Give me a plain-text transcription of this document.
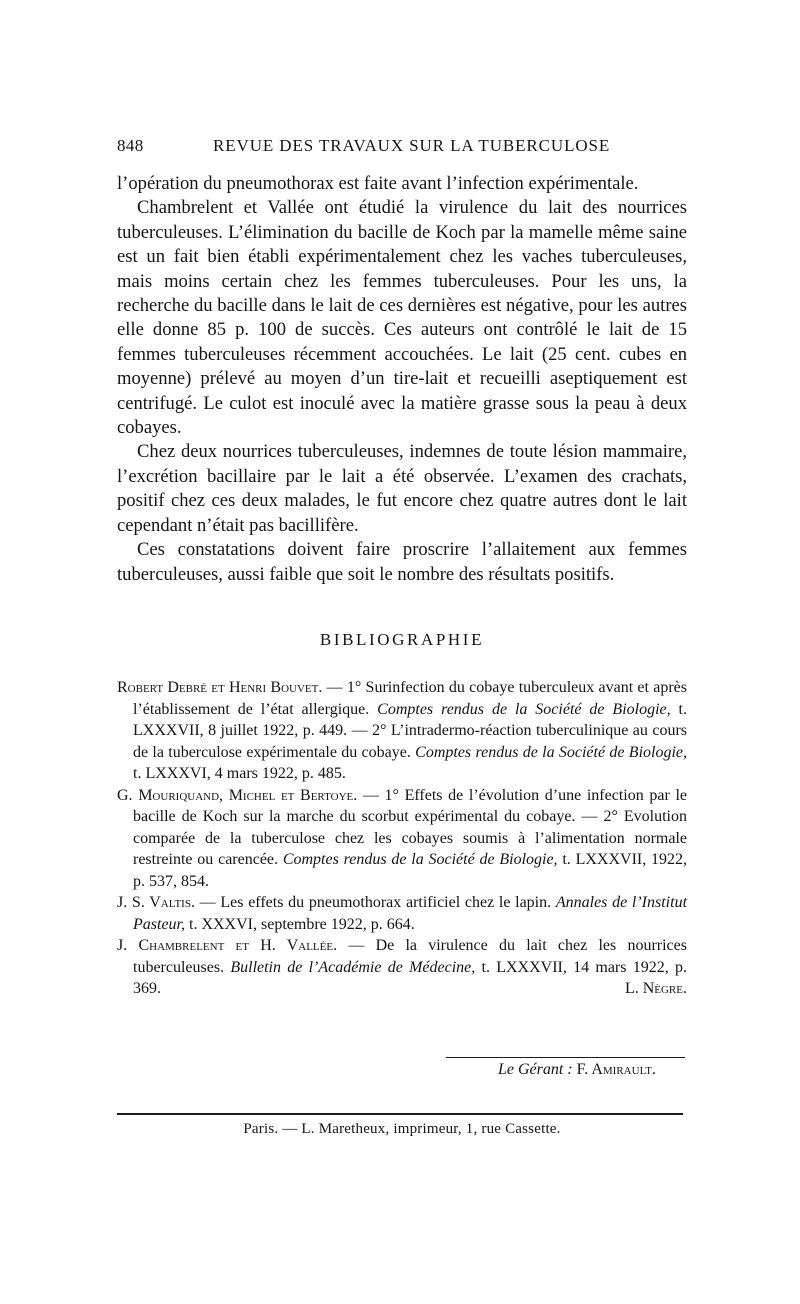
848	REVUE DES TRAVAUX SUR LA TUBERCULOSE

l’opération du pneumothorax est faite avant l’infection expérimentale.

Chambrelent et Vallée ont étudié la virulence du lait des nourrices tuberculeuses. L’élimination du bacille de Koch par la mamelle même saine est un fait bien établi expérimentalement chez les vaches tuberculeuses, mais moins certain chez les femmes tuberculeuses. Pour les uns, la recherche du bacille dans le lait de ces dernières est négative, pour les autres elle donne 85 p. 100 de succès. Ces auteurs ont contrôlé le lait de 15 femmes tuberculeuses récemment accouchées. Le lait (25 cent. cubes en moyenne) prélevé au moyen d’un tire-lait et recueilli aseptiquement est centrifugé. Le culot est inoculé avec la matière grasse sous la peau à deux cobayes.

Chez deux nourrices tuberculeuses, indemnes de toute lésion mammaire, l’excrétion bacillaire par le lait a été observée. L’examen des crachats, positif chez ces deux malades, le fut encore chez quatre autres dont le lait cependant n’était pas bacillifère.

Ces constatations doivent faire proscrire l’allaitement aux femmes tuberculeuses, aussi faible que soit le nombre des résultats positifs.

BIBLIOGRAPHIE

Robert Debré et Henri Bouvet. — 1° Surinfection du cobaye tuberculeux avant et après l’établissement de l’état allergique. Comptes rendus de la Société de Biologie, t. LXXXVII, 8 juillet 1922, p. 449. — 2° L’intradermo-réaction tuberculinique au cours de la tuberculose expérimentale du cobaye. Comptes rendus de la Société de Biologie, t. LXXXVI, 4 mars 1922, p. 485.

G. Mouriquand, Michel et Bertoye. — 1° Effets de l’évolution d’une infection par le bacille de Koch sur la marche du scorbut expérimental du cobaye. — 2° Evolution comparée de la tuberculose chez les cobayes soumis à l’alimentation normale restreinte ou carencée. Comptes rendus de la Société de Biologie, t. LXXXVII, 1922, p. 537, 854.

J. S. Valtis. — Les effets du pneumothorax artificiel chez le lapin. Annales de l’Institut Pasteur, t. XXXVI, septembre 1922, p. 664.

J. Chambrelent et H. Vallée. — De la virulence du lait chez les nourrices tuberculeuses. Bulletin de l’Académie de Médecine, t. LXXXVII, 14 mars 1922, p. 369.	L. Nègre.

Le Gérant : F. Amirault.
Paris. — L. Maretheux, imprimeur, 1, rue Cassette.
